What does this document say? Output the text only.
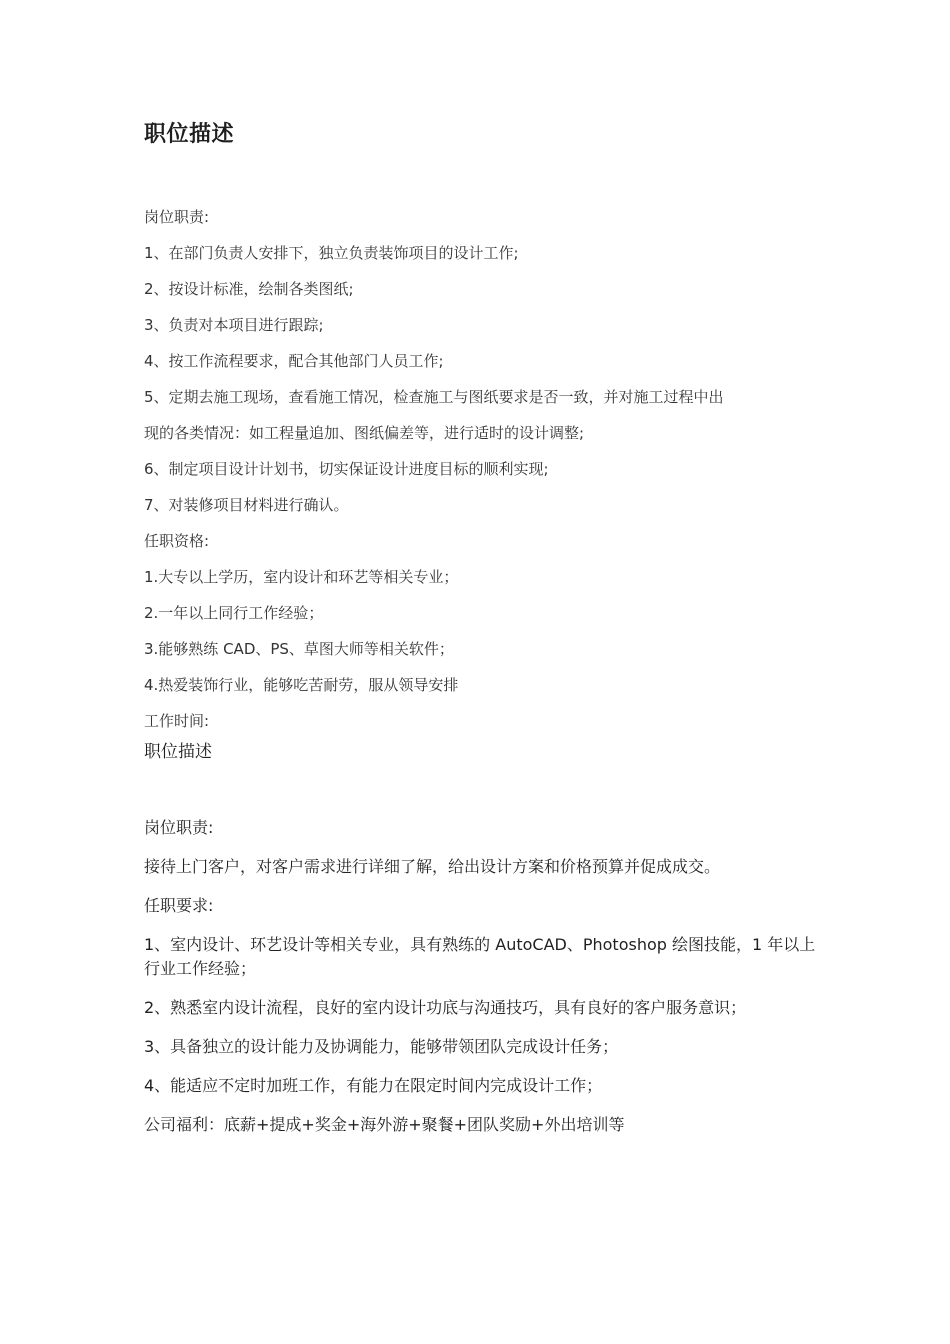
职位描述
岗位职责:
1、在部门负责人安排下，独立负责装饰项目的设计工作;
2、按设计标准，绘制各类图纸;
3、负责对本项目进行跟踪;
4、按工作流程要求，配合其他部门人员工作;
5、定期去施工现场，查看施工情况，检查施工与图纸要求是否一致，并对施工过程中出
现的各类情况：如工程量追加、图纸偏差等，进行适时的设计调整;
6、制定项目设计计划书，切实保证设计进度目标的顺利实现;
7、对装修项目材料进行确认。
任职资格:
1.大专以上学历，室内设计和环艺等相关专业；
2.一年以上同行工作经验；
3.能够熟练 CAD、PS、草图大师等相关软件；
4.热爱装饰行业，能够吃苦耐劳，服从领导安排
工作时间:
职位描述
岗位职责:
接待上门客户，对客户需求进行详细了解，给出设计方案和价格预算并促成成交。
任职要求:
1、室内设计、环艺设计等相关专业，具有熟练的 AutoCAD、Photoshop 绘图技能，1 年以上行业工作经验；
2、熟悉室内设计流程，良好的室内设计功底与沟通技巧，具有良好的客户服务意识；
3、具备独立的设计能力及协调能力，能够带领团队完成设计任务；
4、能适应不定时加班工作，有能力在限定时间内完成设计工作；
公司福利：底薪+提成+奖金+海外游+聚餐+团队奖励+外出培训等
